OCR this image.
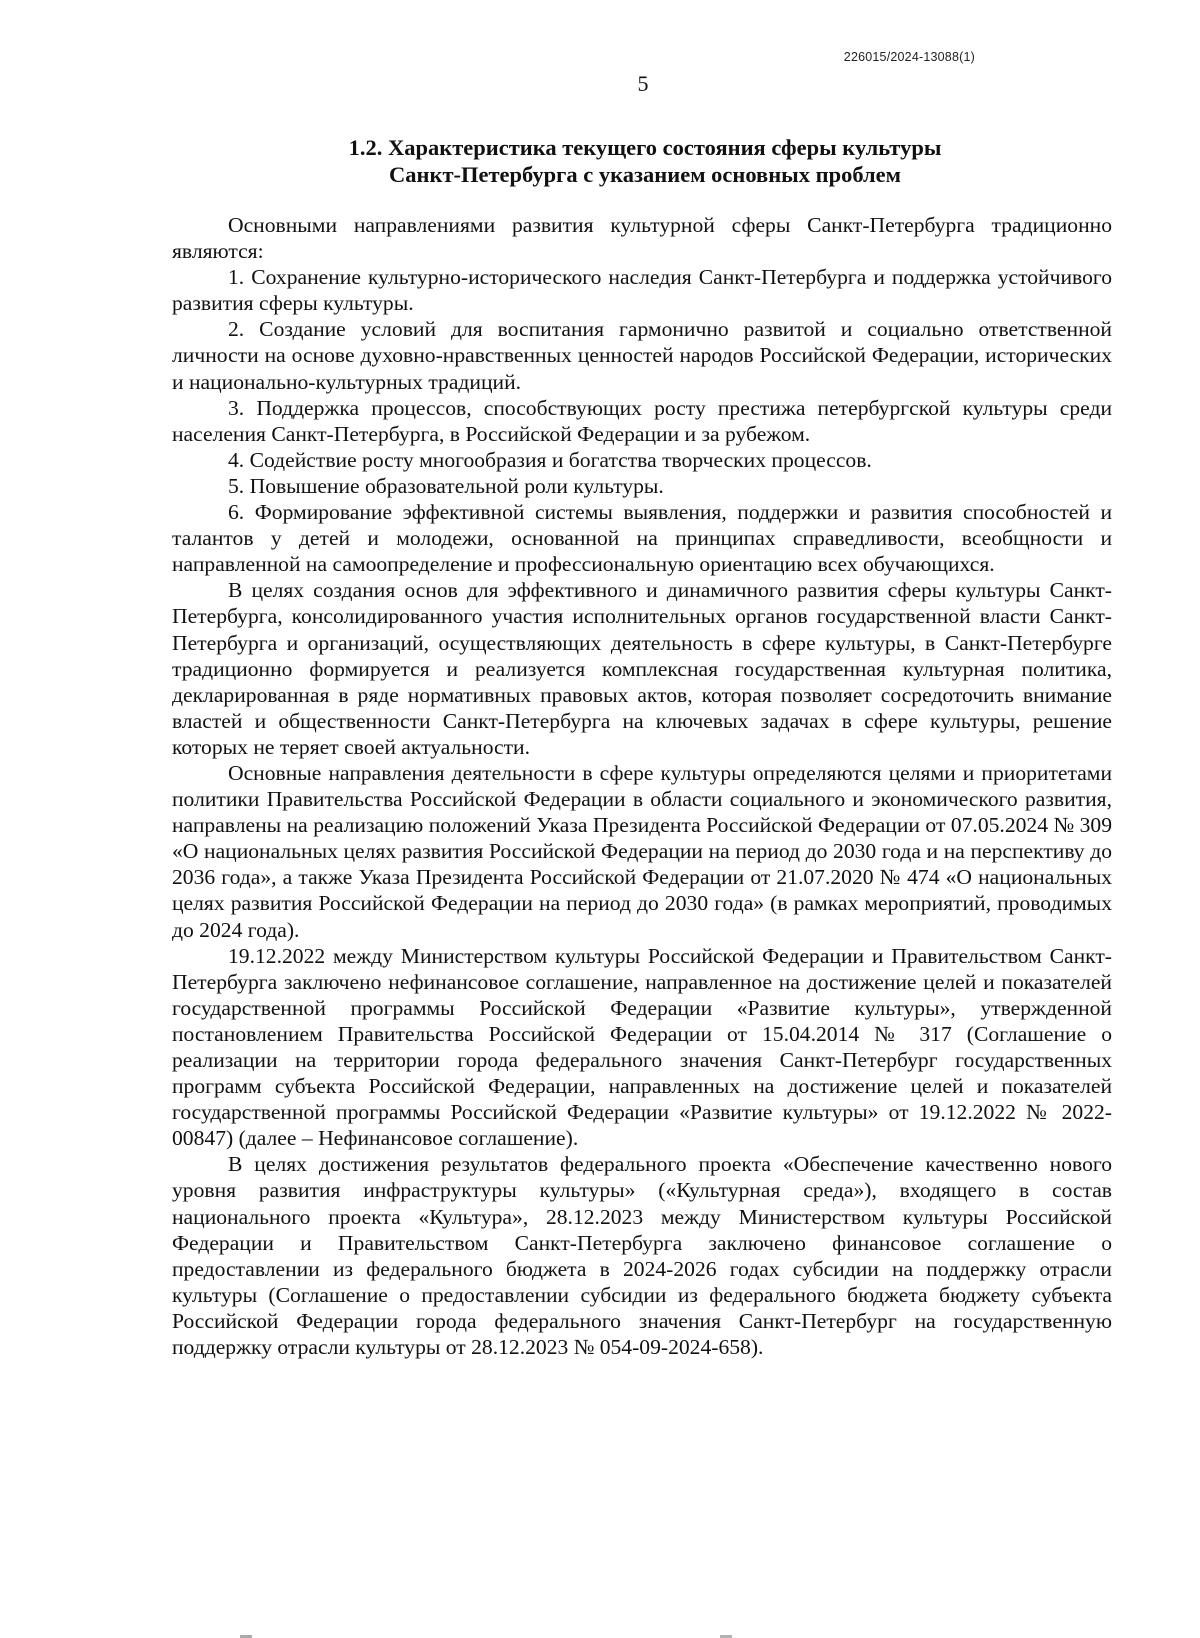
226015/2024-13088(1)
5
1.2. Характеристика текущего состояния сферы культуры
Санкт-Петербурга с указанием основных проблем

Основными направлениями развития культурной сферы Санкт-Петербурга традиционно являются:

1. Сохранение культурно-исторического наследия Санкт-Петербурга и поддержка устойчивого развития сферы культуры.

2. Создание условий для воспитания гармонично развитой и социально ответственной личности на основе духовно-нравственных ценностей народов Российской Федерации, исторических и национально-культурных традиций.

3. Поддержка процессов, способствующих росту престижа петербургской культуры среди населения Санкт-Петербурга, в Российской Федерации и за рубежом.

4. Содействие росту многообразия и богатства творческих процессов.

5. Повышение образовательной роли культуры.

6. Формирование эффективной системы выявления, поддержки и развития способностей и талантов у детей и молодежи, основанной на принципах справедливости, всеобщности и направленной на самоопределение и профессиональную ориентацию всех обучающихся.

В целях создания основ для эффективного и динамичного развития сферы культуры Санкт-Петербурга, консолидированного участия исполнительных органов государственной власти Санкт-Петербурга и организаций, осуществляющих деятельность в сфере культуры, в Санкт-Петербурге традиционно формируется и реализуется комплексная государственная культурная политика, декларированная в ряде нормативных правовых актов, которая позволяет сосредоточить внимание властей и общественности Санкт-Петербурга на ключевых задачах в сфере культуры, решение которых не теряет своей актуальности.

Основные направления деятельности в сфере культуры определяются целями и приоритетами политики Правительства Российской Федерации в области социального и экономического развития, направлены на реализацию положений Указа Президента Российской Федерации от 07.05.2024 № 309 «О национальных целях развития Российской Федерации на период до 2030 года и на перспективу до 2036 года», а также Указа Президента Российской Федерации от 21.07.2020 № 474 «О национальных целях развития Российской Федерации на период до 2030 года» (в рамках мероприятий, проводимых до 2024 года).

19.12.2022 между Министерством культуры Российской Федерации и Правительством Санкт-Петербурга заключено нефинансовое соглашение, направленное на достижение целей и показателей государственной программы Российской Федерации «Развитие культуры», утвержденной постановлением Правительства Российской Федерации от 15.04.2014 № 317 (Соглашение о реализации на территории города федерального значения Санкт-Петербург государственных программ субъекта Российской Федерации, направленных на достижение целей и показателей государственной программы Российской Федерации «Развитие культуры» от 19.12.2022 № 2022-00847) (далее – Нефинансовое соглашение).

В целях достижения результатов федерального проекта «Обеспечение качественно нового уровня развития инфраструктуры культуры» («Культурная среда»), входящего в состав национального проекта «Культура», 28.12.2023 между Министерством культуры Российской Федерации и Правительством Санкт-Петербурга заключено финансовое соглашение о предоставлении из федерального бюджета в 2024-2026 годах субсидии на поддержку отрасли культуры (Соглашение о предоставлении субсидии из федерального бюджета бюджету субъекта Российской Федерации города федерального значения Санкт-Петербург на государственную поддержку отрасли культуры от 28.12.2023 № 054-09-2024-658).
